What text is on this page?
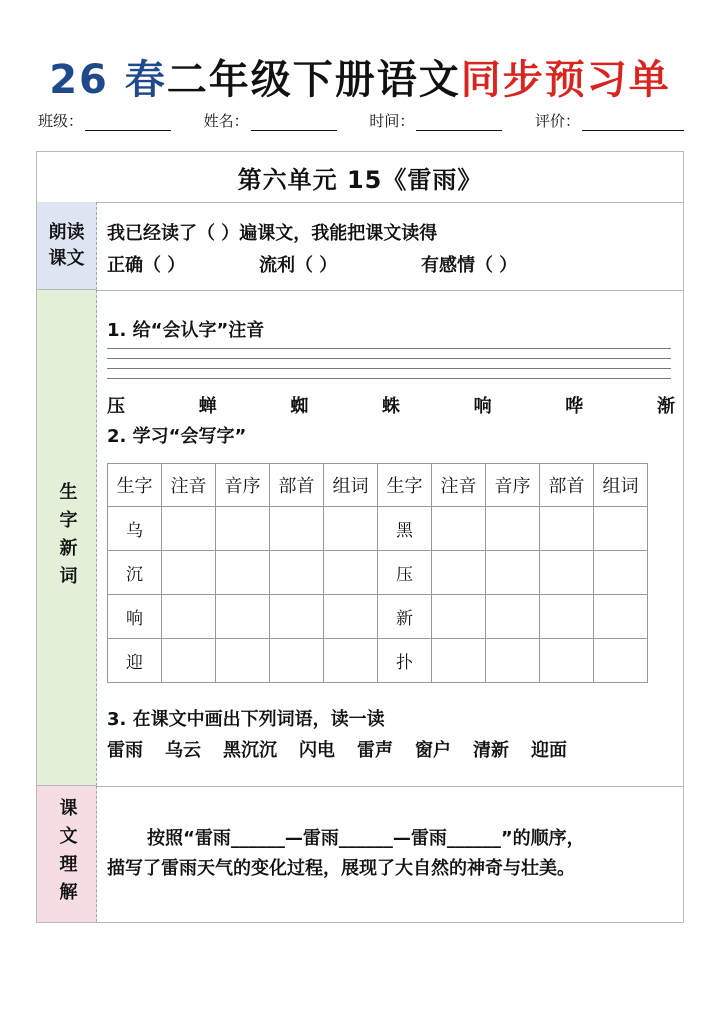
26 春二年级下册语文同步预习单
班级：	姓名：	时间：	评价：
第六单元 15《雷雨》
朗读
课文
生字新词
课文理解
我已经读了（ ）遍课文，我能把课文读得
正确（ ）	流利（ ）	有感情（ ）
1. 给“会认字”注音
压	蝉	蜘	蛛	响	哗	渐
2. 学习“会写字”
生字	注音	音序	部首	组词	生字	注音	音序	部首	组词
乌					黑				
沉					压				
响					新				
迎					扑				
3. 在课文中画出下列词语，读一读
雷雨 乌云 黑沉沉 闪电 雷声 窗户 清新 迎面
按照“雷雨______—雷雨______—雷雨______”的顺序，
描写了雷雨天气的变化过程，展现了大自然的神奇与壮美。
